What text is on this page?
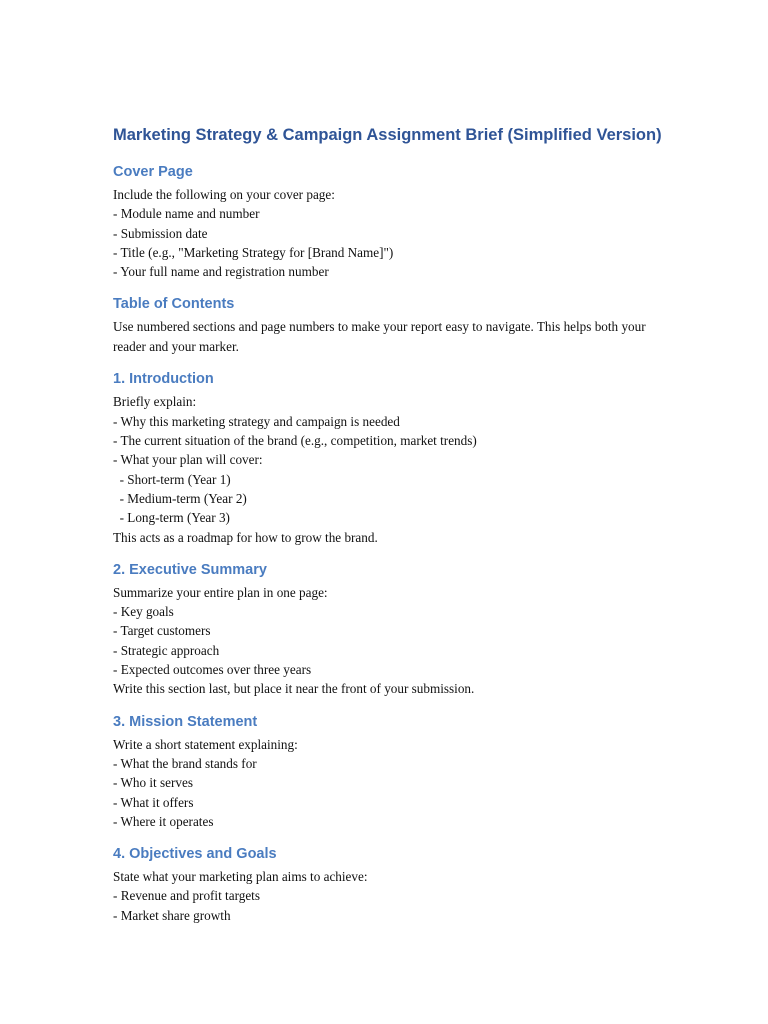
Marketing Strategy & Campaign Assignment Brief (Simplified Version)
Cover Page
Include the following on your cover page:
- Module name and number
- Submission date
- Title (e.g., "Marketing Strategy for [Brand Name]")
- Your full name and registration number
Table of Contents
Use numbered sections and page numbers to make your report easy to navigate. This helps both your reader and your marker.
1. Introduction
Briefly explain:
- Why this marketing strategy and campaign is needed
- The current situation of the brand (e.g., competition, market trends)
- What your plan will cover:
- Short-term (Year 1)
- Medium-term (Year 2)
- Long-term (Year 3)
This acts as a roadmap for how to grow the brand.
2. Executive Summary
Summarize your entire plan in one page:
- Key goals
- Target customers
- Strategic approach
- Expected outcomes over three years
Write this section last, but place it near the front of your submission.
3. Mission Statement
Write a short statement explaining:
- What the brand stands for
- Who it serves
- What it offers
- Where it operates
4. Objectives and Goals
State what your marketing plan aims to achieve:
- Revenue and profit targets
- Market share growth
